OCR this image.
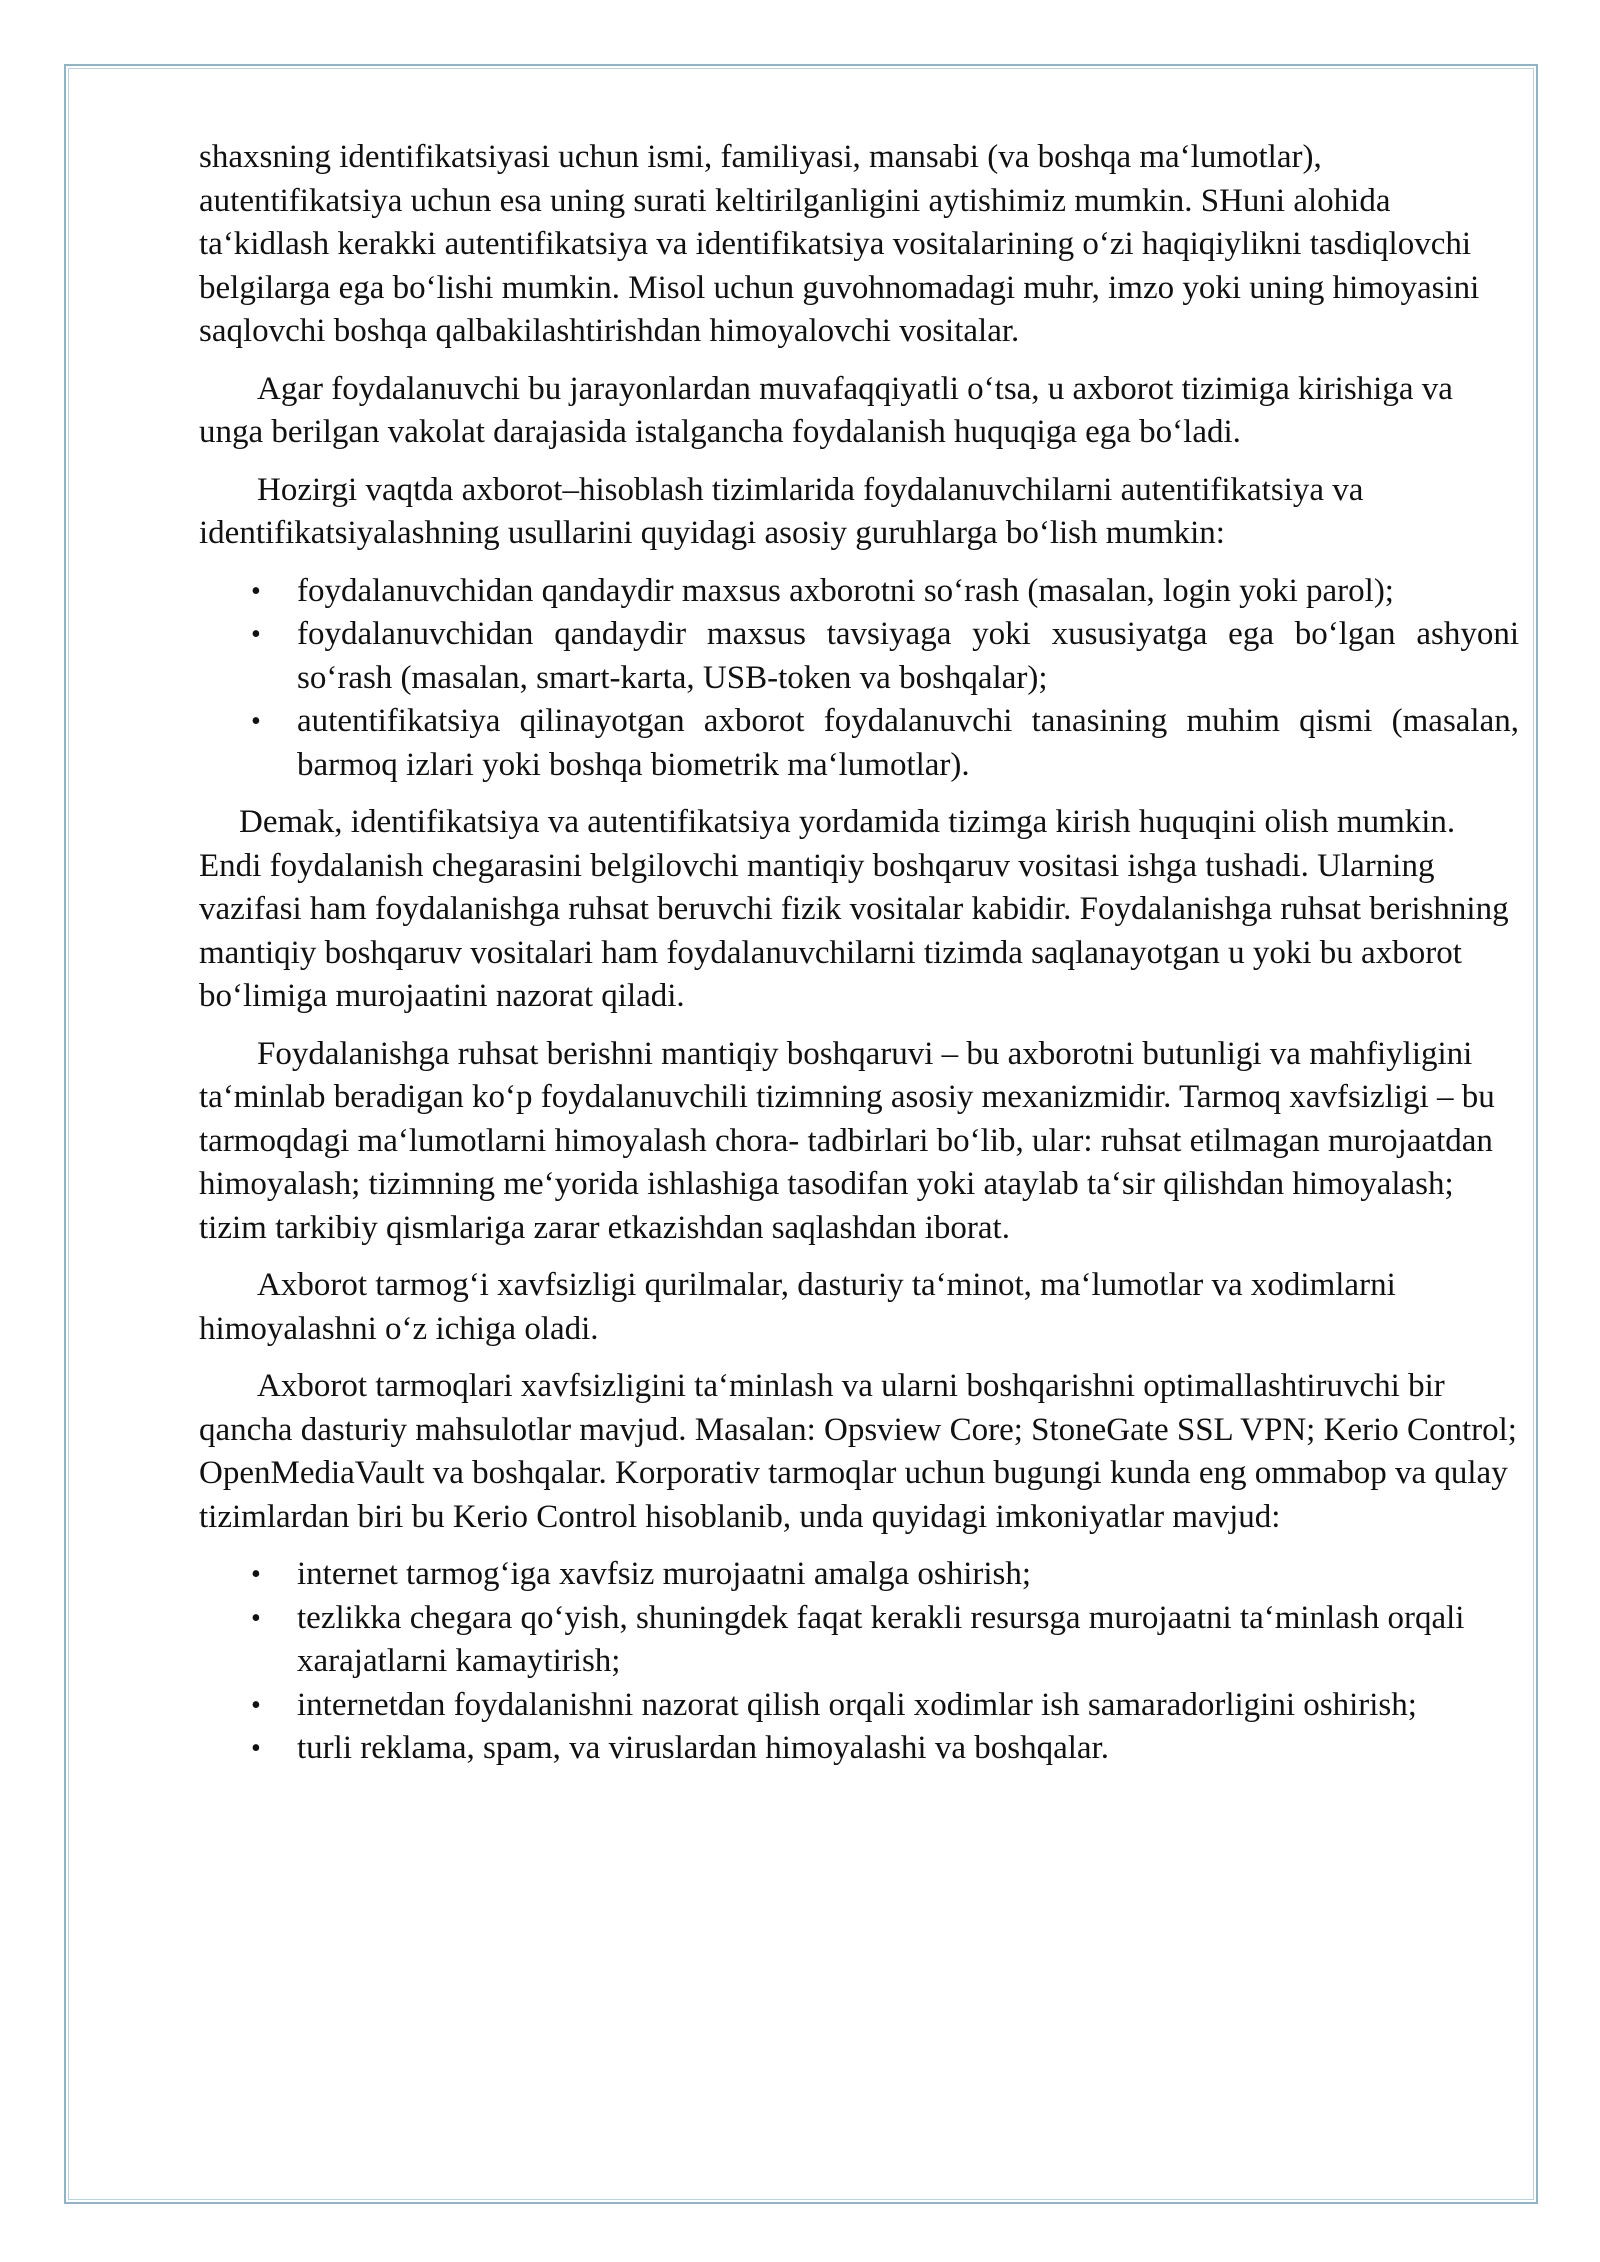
shaxsning identifikatsiyasi uchun ismi, familiyasi, mansabi (va boshqa maʻlumotlar), autentifikatsiya uchun esa uning surati keltirilganligini aytishimiz mumkin. SHuni alohida taʻkidlash kerakki autentifikatsiya va identifikatsiya vositalarining oʻzi haqiqiylikni tasdiqlovchi belgilarga ega boʻlishi mumkin. Misol uchun guvohnomadagi muhr, imzo yoki uning himoyasini saqlovchi boshqa qalbakilashtirishdan himoyalovchi vositalar.

Agar foydalanuvchi bu jarayonlardan muvafaqqiyatli oʻtsa, u axborot tizimiga kirishiga va unga berilgan vakolat darajasida istalgancha foydalanish huquqiga ega boʻladi.

Hozirgi vaqtda axborot–hisoblash tizimlarida foydalanuvchilarni autentifikatsiya va identifikatsiyalashning usullarini quyidagi asosiy guruhlarga boʻlish mumkin:

• foydalanuvchidan qandaydir maxsus axborotni soʻrash (masalan, login yoki parol);
• foydalanuvchidan qandaydir maxsus tavsiyaga yoki xususiyatga ega boʻlgan ashyoni soʻrash (masalan, smart-karta, USB-token va boshqalar);
• autentifikatsiya qilinayotgan axborot foydalanuvchi tanasining muhim qismi (masalan, barmoq izlari yoki boshqa biometrik maʻlumotlar).

Demak, identifikatsiya va autentifikatsiya yordamida tizimga kirish huquqini olish mumkin. Endi foydalanish chegarasini belgilovchi mantiqiy boshqaruv vositasi ishga tushadi. Ularning vazifasi ham foydalanishga ruhsat beruvchi fizik vositalar kabidir. Foydalanishga ruhsat berishning mantiqiy boshqaruv vositalari ham foydalanuvchilarni tizimda saqlanayotgan u yoki bu axborot boʻlimiga murojaatini nazorat qiladi.

Foydalanishga ruhsat berishni mantiqiy boshqaruvi – bu axborotni butunligi va mahfiyligini taʻminlab beradigan koʻp foydalanuvchili tizimning asosiy mexanizmidir. Tarmoq xavfsizligi – bu tarmoqdagi maʻlumotlarni himoyalash chora- tadbirlari boʻlib, ular: ruhsat etilmagan murojaatdan himoyalash; tizimning meʻyorida ishlashiga tasodifan yoki ataylab taʻsir qilishdan himoyalash; tizim tarkibiy qismlariga zarar etkazishdan saqlashdan iborat.

Axborot tarmogʻi xavfsizligi qurilmalar, dasturiy taʻminot, maʻlumotlar va xodimlarni himoyalashni oʻz ichiga oladi.

Axborot tarmoqlari xavfsizligini taʻminlash va ularni boshqarishni optimallashtiruvchi bir qancha dasturiy mahsulotlar mavjud. Masalan: Opsview Core; StoneGate SSL VPN; Kerio Control; OpenMediaVault va boshqalar. Korporativ tarmoqlar uchun bugungi kunda eng ommabop va qulay tizimlardan biri bu Kerio Control hisoblanib, unda quyidagi imkoniyatlar mavjud:

• internet tarmogʻiga xavfsiz murojaatni amalga oshirish;
• tezlikka chegara qoʻyish, shuningdek faqat kerakli resursga murojaatni taʻminlash orqali xarajatlarni kamaytirish;
• internetdan foydalanishni nazorat qilish orqali xodimlar ish samaradorligini oshirish;
• turli reklama, spam, va viruslardan himoyalashi va boshqalar.
